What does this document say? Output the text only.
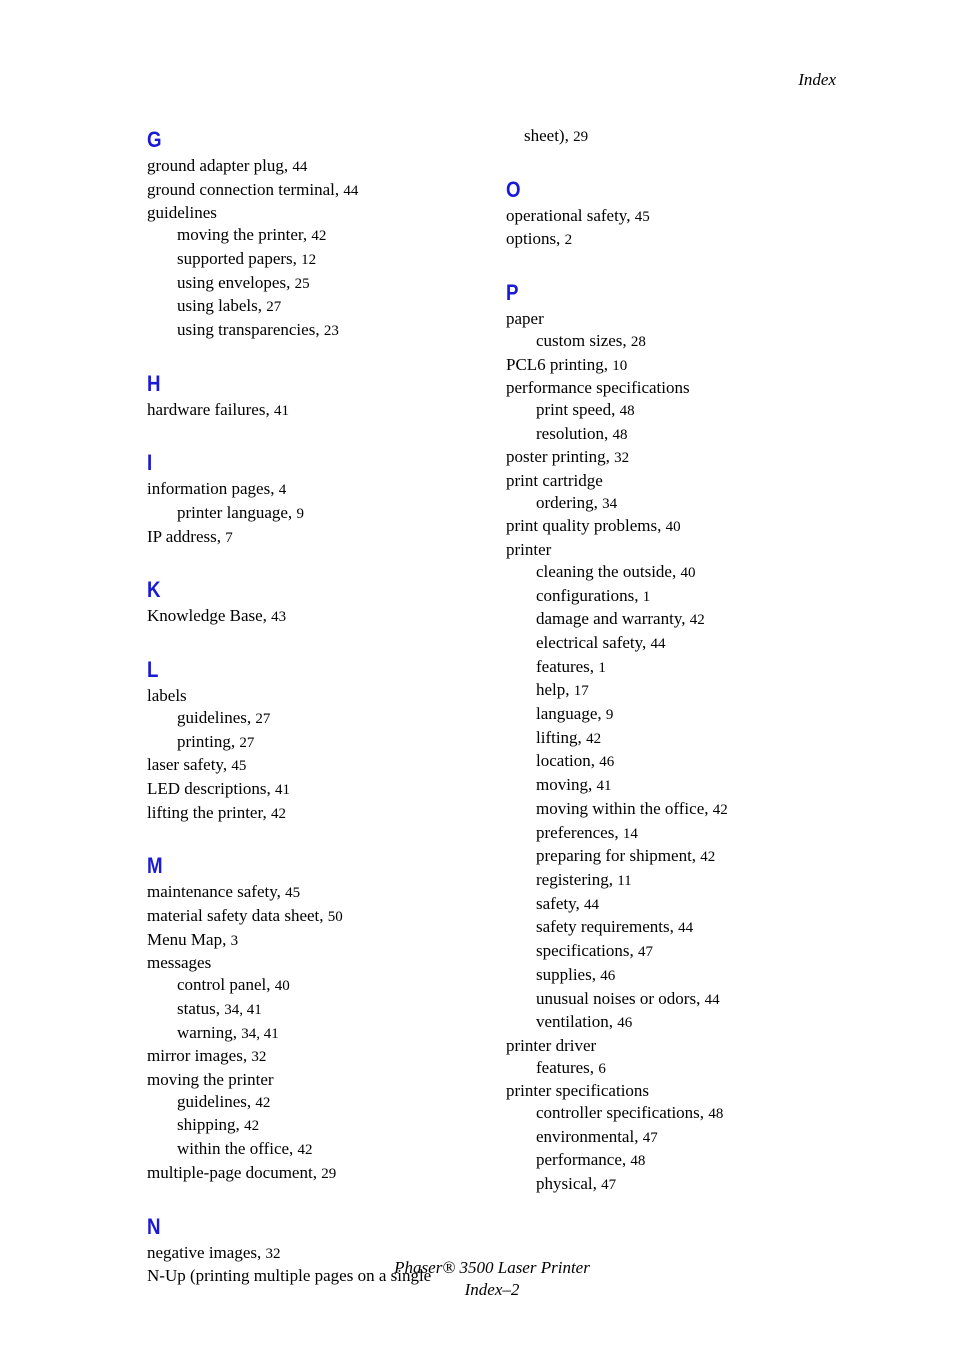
Index
G
ground adapter plug, 44
ground connection terminal, 44
guidelines
moving the printer, 42
supported papers, 12
using envelopes, 25
using labels, 27
using transparencies, 23
H
hardware failures, 41
I
information pages, 4
printer language, 9
IP address, 7
K
Knowledge Base, 43
L
labels
guidelines, 27
printing, 27
laser safety, 45
LED descriptions, 41
lifting the printer, 42
M
maintenance safety, 45
material safety data sheet, 50
Menu Map, 3
messages
control panel, 40
status, 34, 41
warning, 34, 41
mirror images, 32
moving the printer
guidelines, 42
shipping, 42
within the office, 42
multiple-page document, 29
N
negative images, 32
N-Up (printing multiple pages on a single
sheet), 29
O
operational safety, 45
options, 2
P
paper
custom sizes, 28
PCL6 printing, 10
performance specifications
print speed, 48
resolution, 48
poster printing, 32
print cartridge
ordering, 34
print quality problems, 40
printer
cleaning the outside, 40
configurations, 1
damage and warranty, 42
electrical safety, 44
features, 1
help, 17
language, 9
lifting, 42
location, 46
moving, 41
moving within the office, 42
preferences, 14
preparing for shipment, 42
registering, 11
safety, 44
safety requirements, 44
specifications, 47
supplies, 46
unusual noises or odors, 44
ventilation, 46
printer driver
features, 6
printer specifications
controller specifications, 48
environmental, 47
performance, 48
physical, 47
Phaser® 3500 Laser Printer
Index–2
